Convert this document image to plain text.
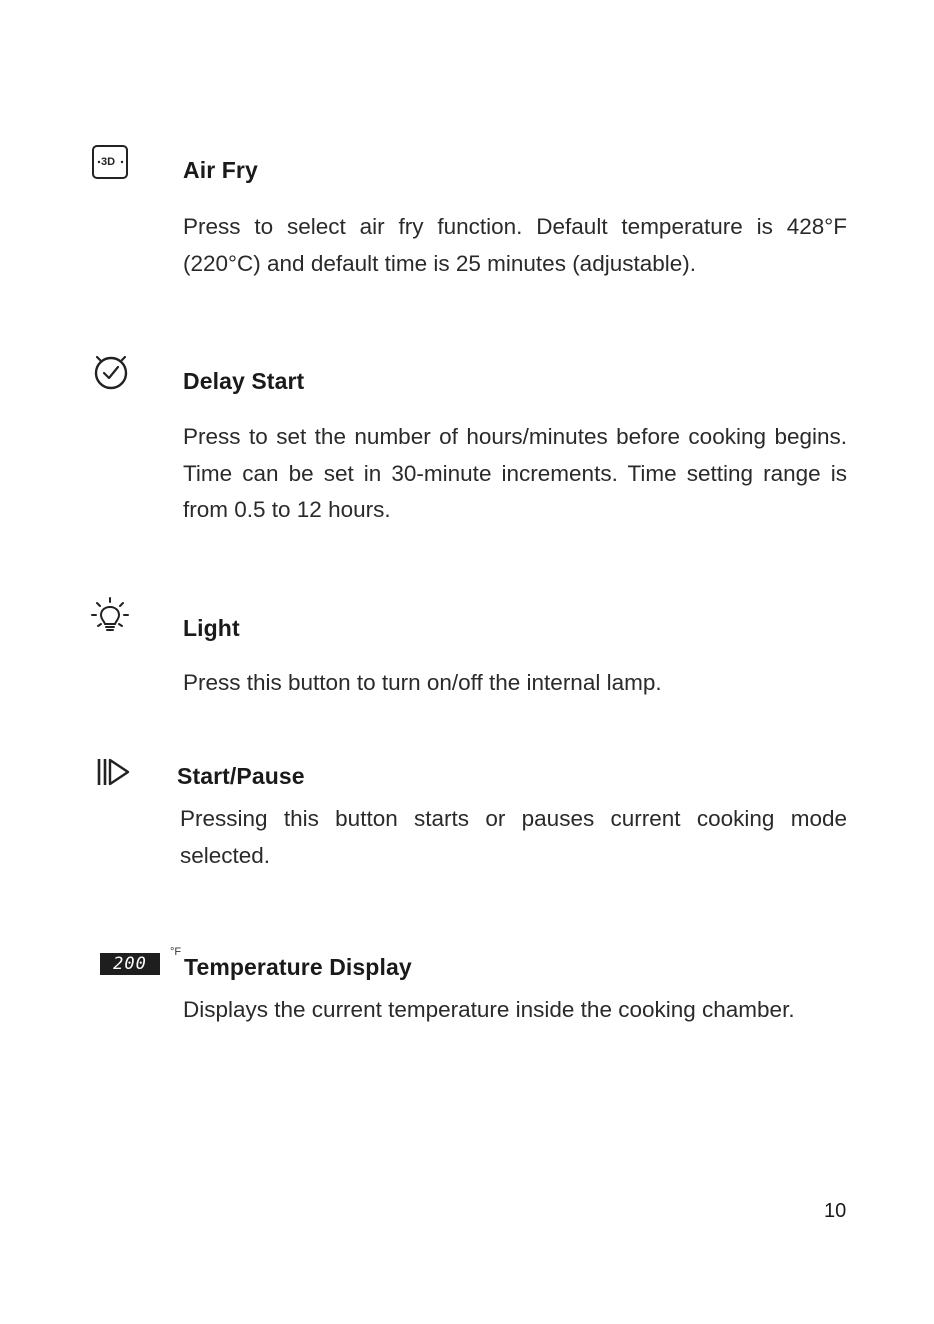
3D	Air Fry

Press to select air fry function. Default temperature is 428°F (220°C) and default time is 25 minutes (adjustable).

Delay Start

Press to set the number of hours/minutes before cooking begins. Time can be set in 30-minute increments. Time setting range is from 0.5 to 12 hours.

Light

Press this button to turn on/off the internal lamp.

Start/Pause

Pressing this button starts or pauses current cooking mode selected.

200
°F
Temperature Display

Displays the current temperature inside the cooking chamber.

10
